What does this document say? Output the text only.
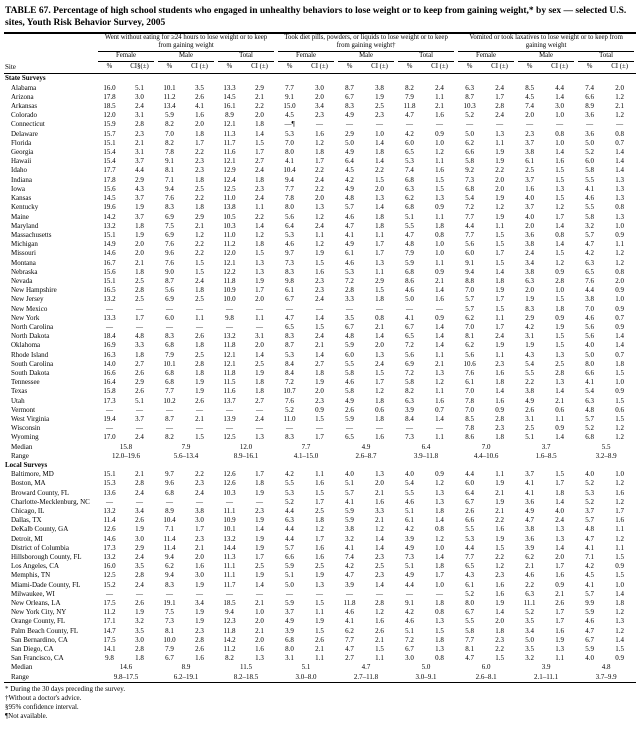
TABLE 67. Percentage of high school students who engaged in unhealthy behaviors to lose weight or to keep from gaining weight,* by sex — selected U.S. sites, Youth Risk Behavior Survey, 2005

	Went without eating for ≥24 hours to lose weight or to keep from gaining weight						Took diet pills, powders, or liquids to lose weight or to keep from gaining weight†						Vomited or took laxatives to lose weight or to keep from gaining weight					

	Female		Male		Total		Female		Male		Total		Female		Male		Total	

Site	%	CI§(±)	%	CI (±)	%	CI (±)	%	CI (±)	%	CI (±)	%	CI (±)	%	CI (±)	%	CI (±)	%	CI (±)
State Surveys																		
Alabama	16.0	5.1	10.1	3.5	13.3	2.9	7.7	3.0	8.7	3.8	8.2	2.4	6.3	2.4	8.5	4.4	7.4	2.0
Arizona	17.8	3.0	11.2	2.6	14.5	2.1	9.1	2.0	6.7	1.9	7.9	1.1	8.7	1.7	4.5	1.4	6.6	1.2
Arkansas	18.5	2.4	13.4	4.1	16.1	2.2	15.0	3.4	8.3	2.5	11.8	2.1	10.3	2.8	7.4	3.0	8.9	2.1
Colorado	12.0	3.1	5.9	1.6	8.9	2.0	4.5	2.3	4.9	2.3	4.7	1.6	5.2	2.4	2.0	1.0	3.6	1.2
Connecticut	15.9	2.8	8.2	2.0	12.1	1.8	—¶	—	—	—	—	—	—	—	—	—	—	—
Delaware	15.7	2.3	7.0	1.8	11.3	1.4	5.3	1.6	2.9	1.0	4.2	0.9	5.0	1.3	2.3	0.8	3.6	0.8
Florida	15.1	2.1	8.2	1.7	11.7	1.5	7.0	1.2	5.0	1.4	6.0	1.0	6.2	1.1	3.7	1.0	5.0	0.7
Georgia	15.4	3.1	7.8	2.2	11.6	1.7	8.0	1.8	4.9	1.8	6.5	1.2	6.6	1.9	3.8	1.4	5.2	1.4
Hawaii	15.4	3.7	9.1	2.3	12.1	2.7	4.1	1.7	6.4	1.4	5.3	1.1	5.8	1.9	6.1	1.6	6.0	1.4
Idaho	17.7	4.4	8.1	2.3	12.9	2.4	10.4	2.2	4.5	2.2	7.4	1.6	9.2	2.2	2.5	1.5	5.8	1.4
Indiana	17.8	2.9	7.1	1.8	12.4	1.8	9.4	2.4	4.2	1.5	6.8	1.5	7.3	2.0	3.7	1.5	5.5	1.3
Iowa	15.6	4.3	9.4	2.5	12.5	2.3	7.7	2.2	4.9	2.0	6.3	1.5	6.8	2.0	1.6	1.3	4.1	1.3
Kansas	14.5	3.7	7.6	2.2	11.0	2.4	7.8	2.0	4.8	1.3	6.2	1.3	5.4	1.9	4.0	1.5	4.6	1.3
Kentucky	19.6	1.9	8.3	1.8	13.8	1.1	8.0	1.3	5.7	1.4	6.8	0.9	7.2	1.2	3.7	1.2	5.5	0.8
Maine	14.2	3.7	6.9	2.9	10.5	2.2	5.6	1.2	4.6	1.8	5.1	1.1	7.7	1.9	4.0	1.7	5.8	1.3
Maryland	13.2	1.8	7.5	2.1	10.3	1.4	6.4	2.4	4.7	1.8	5.5	1.8	4.4	1.1	2.0	1.4	3.2	1.0
Massachusetts	15.1	1.9	6.9	1.2	11.0	1.2	5.3	1.1	4.1	1.1	4.7	0.8	7.7	1.5	3.6	0.8	5.7	0.9
Michigan	14.9	2.0	7.6	2.2	11.2	1.8	4.6	1.2	4.9	1.7	4.8	1.0	5.6	1.5	3.8	1.4	4.7	1.1
Missouri	14.6	2.0	9.6	2.2	12.0	1.5	9.7	1.9	6.1	1.7	7.9	1.0	6.0	1.7	2.4	1.5	4.2	1.2
Montana	16.7	2.1	7.6	1.5	12.1	1.3	7.3	1.5	4.6	1.3	5.9	1.1	9.1	1.5	3.4	1.2	6.3	1.2
Nebraska	15.6	1.8	9.0	1.5	12.2	1.3	8.3	1.6	5.3	1.1	6.8	0.9	9.4	1.4	3.8	0.9	6.5	0.8
Nevada	15.1	2.5	8.7	2.4	11.8	1.9	9.8	2.3	7.2	2.9	8.6	2.1	8.8	1.8	6.3	2.8	7.6	2.0
New Hampshire	16.5	2.8	5.6	1.8	10.9	1.7	6.1	2.3	2.8	1.5	4.6	1.4	7.0	1.9	2.0	1.0	4.4	0.9
New Jersey	13.2	2.5	6.9	2.5	10.0	2.0	6.7	2.4	3.3	1.8	5.0	1.6	5.7	1.7	1.9	1.5	3.8	1.0
New Mexico	—	—	—	—	—	—	—	—	—	—	—	—	5.7	1.5	8.3	1.8	7.0	0.9
New York	13.3	1.7	6.0	1.1	9.8	1.1	4.7	1.4	3.5	0.8	4.1	0.9	6.2	1.1	2.9	0.9	4.6	0.7
North Carolina	—	—	—	—	—	—	6.5	1.5	6.7	2.1	6.7	1.4	7.0	1.7	4.2	1.9	5.6	0.9
North Dakota	18.4	4.8	8.3	2.6	13.2	3.1	8.3	2.4	4.8	1.4	6.5	1.4	8.1	2.4	3.1	1.5	5.6	1.4
Oklahoma	16.9	3.3	6.8	1.8	11.8	2.0	8.7	2.1	5.9	2.0	7.2	1.4	6.2	1.9	1.9	1.5	4.0	1.4
Rhode Island	16.3	1.8	7.9	2.5	12.1	1.4	5.3	1.4	6.0	1.3	5.6	1.1	5.6	1.1	4.3	1.3	5.0	0.7
South Carolina	14.0	2.7	10.1	2.8	12.1	2.5	8.4	2.7	5.5	2.4	6.9	2.1	10.6	2.3	5.4	2.5	8.0	1.8
South Dakota	16.6	2.6	6.8	1.8	11.8	1.9	8.4	1.8	5.8	1.5	7.2	1.3	7.6	1.6	5.5	2.8	6.6	1.5
Tennessee	16.4	2.9	6.8	1.9	11.5	1.8	7.2	1.9	4.6	1.7	5.8	1.2	6.1	1.8	2.2	1.3	4.1	1.0
Texas	15.8	2.6	7.7	1.9	11.6	1.8	10.7	2.0	5.8	1.2	8.2	1.1	7.0	1.4	3.8	1.4	5.4	0.9
Utah	17.3	5.1	10.2	2.6	13.7	2.7	7.6	2.3	4.9	1.8	6.3	1.6	7.8	1.6	4.9	2.1	6.3	1.5
Vermont	—	—	—	—	—	—	5.2	0.9	2.6	0.6	3.9	0.7	7.0	0.9	2.6	0.6	4.8	0.6
West Virginia	19.4	3.7	8.7	2.1	13.9	2.4	11.0	1.5	5.9	1.8	8.4	1.4	8.5	2.8	3.1	1.1	5.7	1.5
Wisconsin	—	—	—	—	—	—	—	—	—	—	—	—	7.8	2.3	2.5	0.9	5.2	1.2
Wyoming	17.0	2.4	8.2	1.5	12.5	1.3	8.3	1.7	6.5	1.6	7.3	1.1	8.6	1.8	5.1	1.4	6.8	1.2
Median	15.8		7.9		12.0		7.7		4.9		6.4		7.0		3.7		5.5	
Range	12.0–19.6		5.6–13.4		8.9–16.1		4.1–15.0		2.6–8.7		3.9–11.8		4.4–10.6		1.6–8.5		3.2–8.9	
Local Surveys																		
Baltimore, MD	15.1	2.1	9.7	2.2	12.6	1.7	4.2	1.1	4.0	1.3	4.0	0.9	4.4	1.1	3.7	1.5	4.0	1.0
Boston, MA	15.3	2.8	9.6	2.3	12.6	1.8	5.5	1.6	5.1	2.0	5.4	1.2	6.0	1.9	4.1	1.7	5.2	1.2
Broward County, FL	13.6	2.4	6.8	2.4	10.3	1.9	5.3	1.5	5.7	2.1	5.5	1.3	6.4	2.1	4.1	1.8	5.3	1.6
Charlotte-Mecklenburg, NC	—	—	—	—	—	—	5.2	1.7	4.1	1.6	4.6	1.3	6.7	1.9	3.6	1.4	5.2	1.2
Chicago, IL	13.2	3.4	8.9	3.8	11.1	2.3	4.4	2.5	5.9	3.3	5.1	1.8	2.6	2.1	4.9	4.0	3.7	1.7
Dallas, TX	11.4	2.6	10.4	3.0	10.9	1.9	6.3	1.8	5.9	2.1	6.1	1.4	6.6	2.2	4.7	2.4	5.7	1.6
DeKalb County, GA	12.6	1.9	7.1	1.7	10.1	1.4	4.4	1.2	3.8	1.2	4.2	0.8	5.5	1.6	3.8	1.3	4.8	1.1
Detroit, MI	14.6	3.0	11.4	2.3	13.2	1.9	4.4	1.7	3.2	1.4	3.9	1.2	5.3	1.9	3.6	1.3	4.7	1.2
District of Columbia	17.3	2.9	11.4	2.1	14.4	1.9	5.7	1.6	4.1	1.4	4.9	1.0	4.4	1.5	3.9	1.4	4.1	1.1
Hillsborough County, FL	13.2	2.4	9.4	2.0	11.3	1.7	6.6	1.6	7.4	2.3	7.3	1.4	7.7	2.2	6.2	2.0	7.1	1.5
Los Angeles, CA	16.0	3.5	6.2	1.6	11.1	2.5	5.9	2.5	4.2	2.5	5.1	1.8	6.5	1.2	2.1	1.7	4.2	0.9
Memphis, TN	12.5	2.8	9.4	3.0	11.1	1.9	5.1	1.9	4.7	2.3	4.9	1.7	4.3	2.3	4.6	1.6	4.5	1.5
Miami-Dade County, FL	15.2	2.4	8.3	1.9	11.7	1.4	5.0	1.3	3.9	1.4	4.4	1.0	6.1	1.6	2.2	0.9	4.1	1.0
Milwaukee, WI	—	—	—	—	—	—	—	—	—	—	—	—	5.2	1.6	6.3	2.1	5.7	1.4
New Orleans, LA	17.5	2.6	19.1	3.4	18.5	2.1	5.9	1.5	11.8	2.8	9.1	1.8	8.0	1.9	11.1	2.6	9.9	1.8
New York City, NY	11.2	1.9	7.5	1.9	9.4	1.0	3.7	1.1	4.6	1.2	4.2	0.8	6.7	1.4	5.2	1.7	5.9	1.2
Orange County, FL	17.1	3.2	7.3	1.9	12.3	2.0	4.9	1.9	4.1	1.6	4.6	1.3	5.5	2.0	3.5	1.7	4.6	1.3
Palm Beach County, FL	14.7	3.5	8.1	2.3	11.8	2.1	3.9	1.5	6.2	2.6	5.1	1.5	5.8	1.8	3.4	1.6	4.7	1.2
San Bernardino, CA	17.5	3.0	10.0	2.8	14.2	2.0	6.8	2.6	7.7	2.1	7.2	1.8	7.7	2.3	5.0	1.9	6.7	1.4
San Diego, CA	14.1	2.8	7.9	2.6	11.2	1.6	8.0	2.1	4.7	1.5	6.7	1.3	8.1	2.2	3.5	1.3	5.9	1.5
San Francisco, CA	9.8	1.8	6.7	1.6	8.2	1.3	3.1	1.1	2.7	1.1	3.0	0.8	4.7	1.5	3.2	1.1	4.0	0.9
Median	14.6		8.9		11.5		5.1		4.7		5.0		6.0		3.9		4.8	
Range	9.8–17.5		6.2–19.1		8.2–18.5		3.0–8.0		2.7–11.8		3.0–9.1		2.6–8.1		2.1–11.1		3.7–9.9	
* During the 30 days preceding the survey.
†Without a doctor's advice.
§95% confidence interval.
¶Not available.
